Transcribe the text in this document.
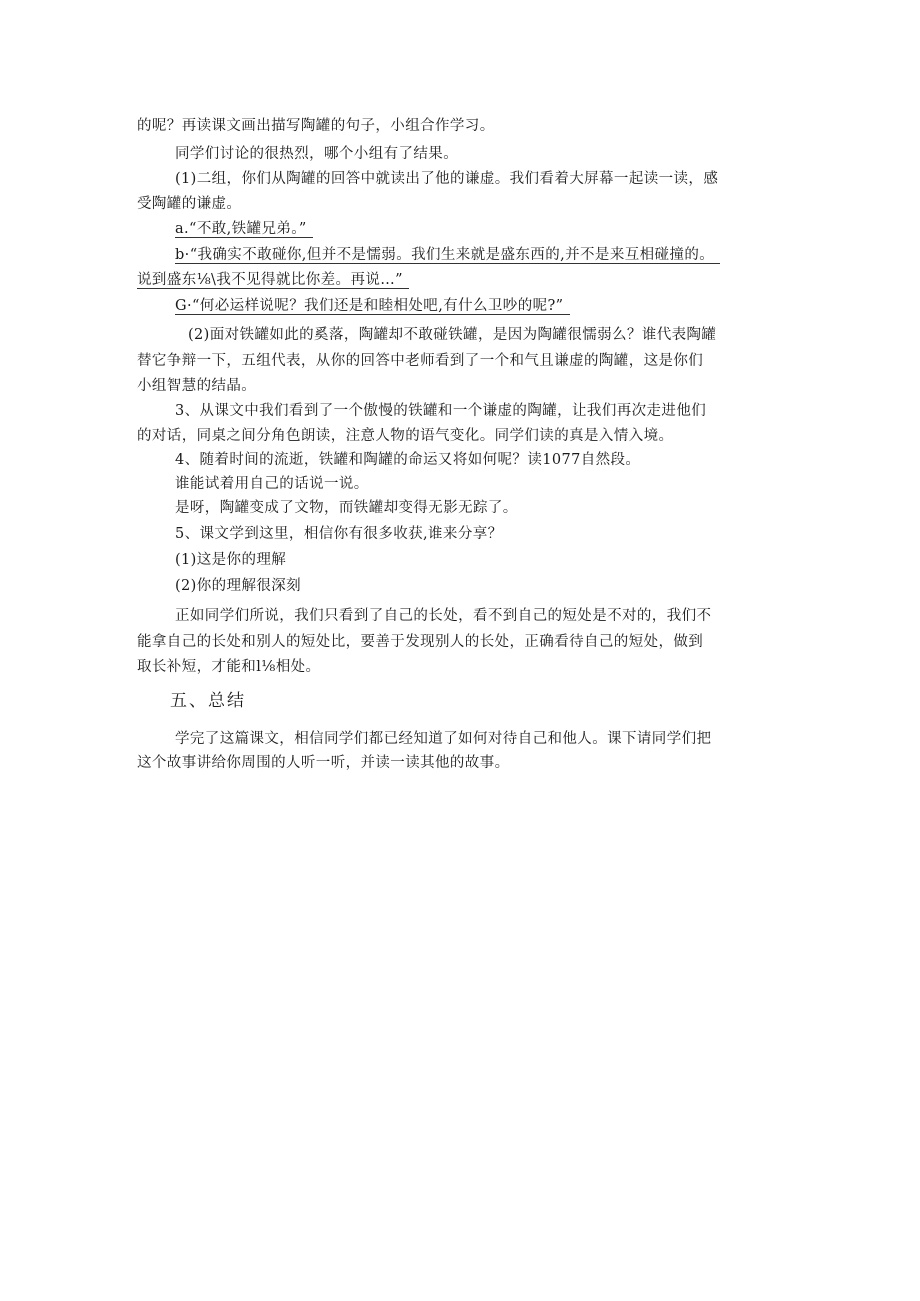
的呢？再读课文画出描写陶罐的句子，小组合作学习。
同学们讨论的很热烈，哪个小组有了结果。
(1)二组，你们从陶罐的回答中就读出了他的谦虚。我们看着大屏幕一起读一读，感
受陶罐的谦虚。
a.“不敢,铁罐兄弟。”
b·“我确实不敢碰你,但并不是懦弱。我们生来就是盛东西的,并不是来互相碰撞的。
说到盛东⅛\我不见得就比你差。再说…”
G·“何必运样说呢？我们还是和睦相处吧,有什么卫吵的呢?”
(2)面对铁罐如此的奚落，陶罐却不敢碰铁罐，是因为陶罐很懦弱么？谁代表陶罐
替它争辩一下，五组代表，从你的回答中老师看到了一个和气且谦虚的陶罐，这是你们
小组智慧的结晶。
3、从课文中我们看到了一个傲慢的铁罐和一个谦虚的陶罐，让我们再次走进他们
的对话，同桌之间分角色朗读，注意人物的语气变化。同学们读的真是入情入境。
4、随着时间的流逝，铁罐和陶罐的命运又将如何呢？读1077自然段。
谁能试着用自己的话说一说。
是呀，陶罐变成了文物，而铁罐却变得无影无踪了。
5、课文学到这里，相信你有很多收获,谁来分享？
(1)这是你的理解
(2)你的理解很深刻
正如同学们所说，我们只看到了自己的长处，看不到自己的短处是不对的，我们不
能拿自己的长处和别人的短处比，要善于发现别人的长处，正确看待自己的短处，做到
取长补短，才能和l⅛相处。
五、总结
学完了这篇课文，相信同学们都已经知道了如何对待自己和他人。课下请同学们把
这个故事讲给你周围的人听一听，并读一读其他的故事。
